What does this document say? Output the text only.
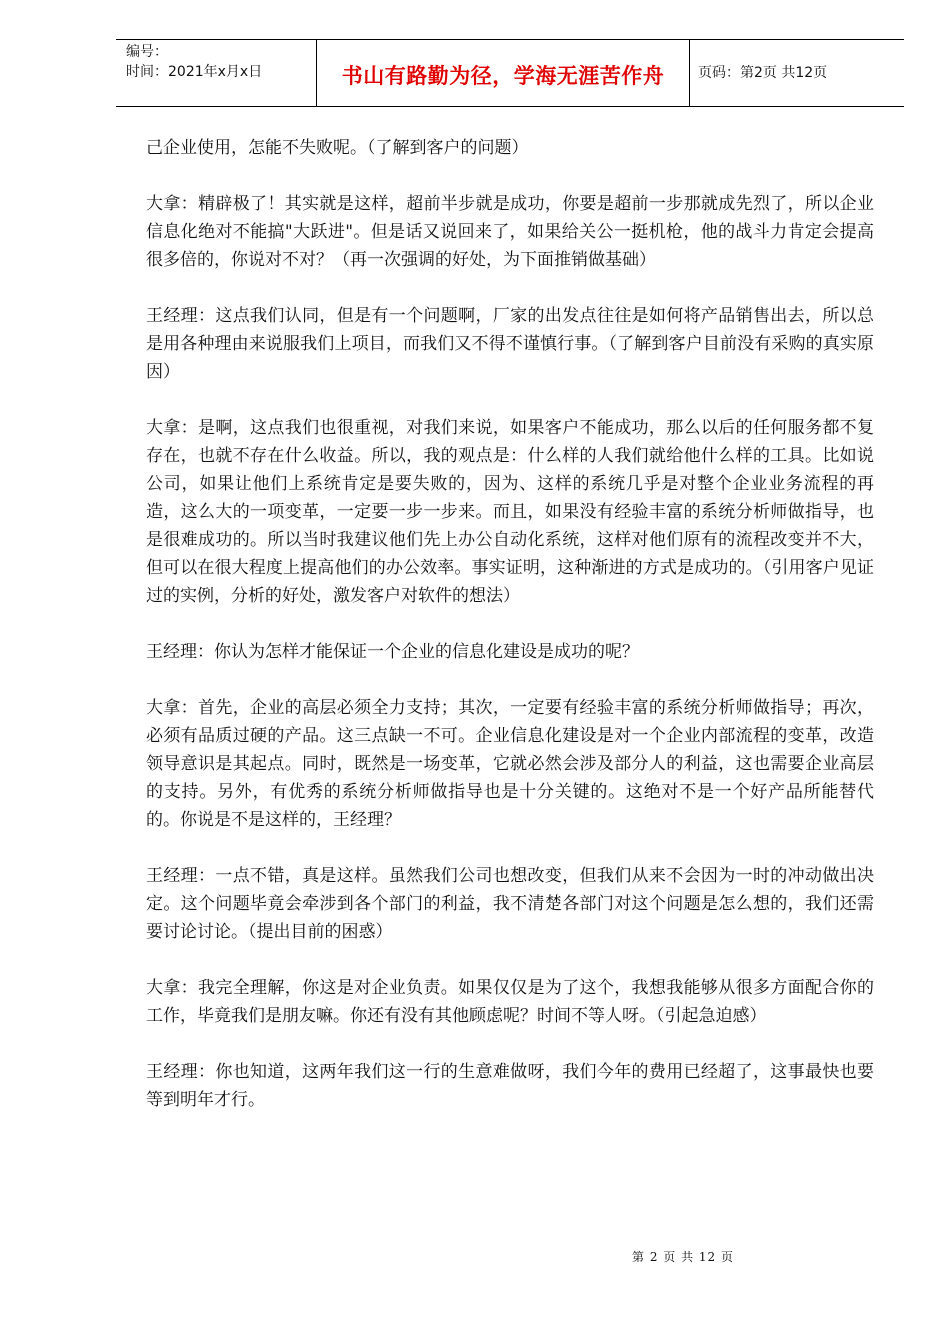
编号：
时间：2021年x月x日	书山有路勤为径，学海无涯苦作舟	页码：第2页 共12页

己企业使用，怎能不失败呢。（了解到客户的问题）

大拿：精辟极了！其实就是这样，超前半步就是成功，你要是超前一步那就成先烈了，所以企业信息化绝对不能搞"大跃进"。但是话又说回来了，如果给关公一挺机枪，他的战斗力肯定会提高很多倍的，你说对不对？（再一次强调的好处，为下面推销做基础）

王经理：这点我们认同，但是有一个问题啊，厂家的出发点往往是如何将产品销售出去，所以总是用各种理由来说服我们上项目，而我们又不得不谨慎行事。（了解到客户目前没有采购的真实原因）

大拿：是啊，这点我们也很重视，对我们来说，如果客户不能成功，那么以后的任何服务都不复存在，也就不存在什么收益。所以，我的观点是：什么样的人我们就给他什么样的工具。比如说公司，如果让他们上系统肯定是要失败的，因为、这样的系统几乎是对整个企业业务流程的再造，这么大的一项变革，一定要一步一步来。而且，如果没有经验丰富的系统分析师做指导，也是很难成功的。所以当时我建议他们先上办公自动化系统，这样对他们原有的流程改变并不大，但可以在很大程度上提高他们的办公效率。事实证明，这种渐进的方式是成功的。（引用客户见证过的实例，分析的好处，激发客户对软件的想法）

王经理：你认为怎样才能保证一个企业的信息化建设是成功的呢？

大拿：首先，企业的高层必须全力支持；其次，一定要有经验丰富的系统分析师做指导；再次，必须有品质过硬的产品。这三点缺一不可。企业信息化建设是对一个企业内部流程的变革，改造领导意识是其起点。同时，既然是一场变革，它就必然会涉及部分人的利益，这也需要企业高层的支持。另外，有优秀的系统分析师做指导也是十分关键的。这绝对不是一个好产品所能替代的。你说是不是这样的，王经理？

王经理：一点不错，真是这样。虽然我们公司也想改变，但我们从来不会因为一时的冲动做出决定。这个问题毕竟会牵涉到各个部门的利益，我不清楚各部门对这个问题是怎么想的，我们还需要讨论讨论。（提出目前的困惑）

大拿：我完全理解，你这是对企业负责。如果仅仅是为了这个，我想我能够从很多方面配合你的工作，毕竟我们是朋友嘛。你还有没有其他顾虑呢？时间不等人呀。（引起急迫感）

王经理：你也知道，这两年我们这一行的生意难做呀，我们今年的费用已经超了，这事最快也要等到明年才行。

第 2 页 共 12 页
